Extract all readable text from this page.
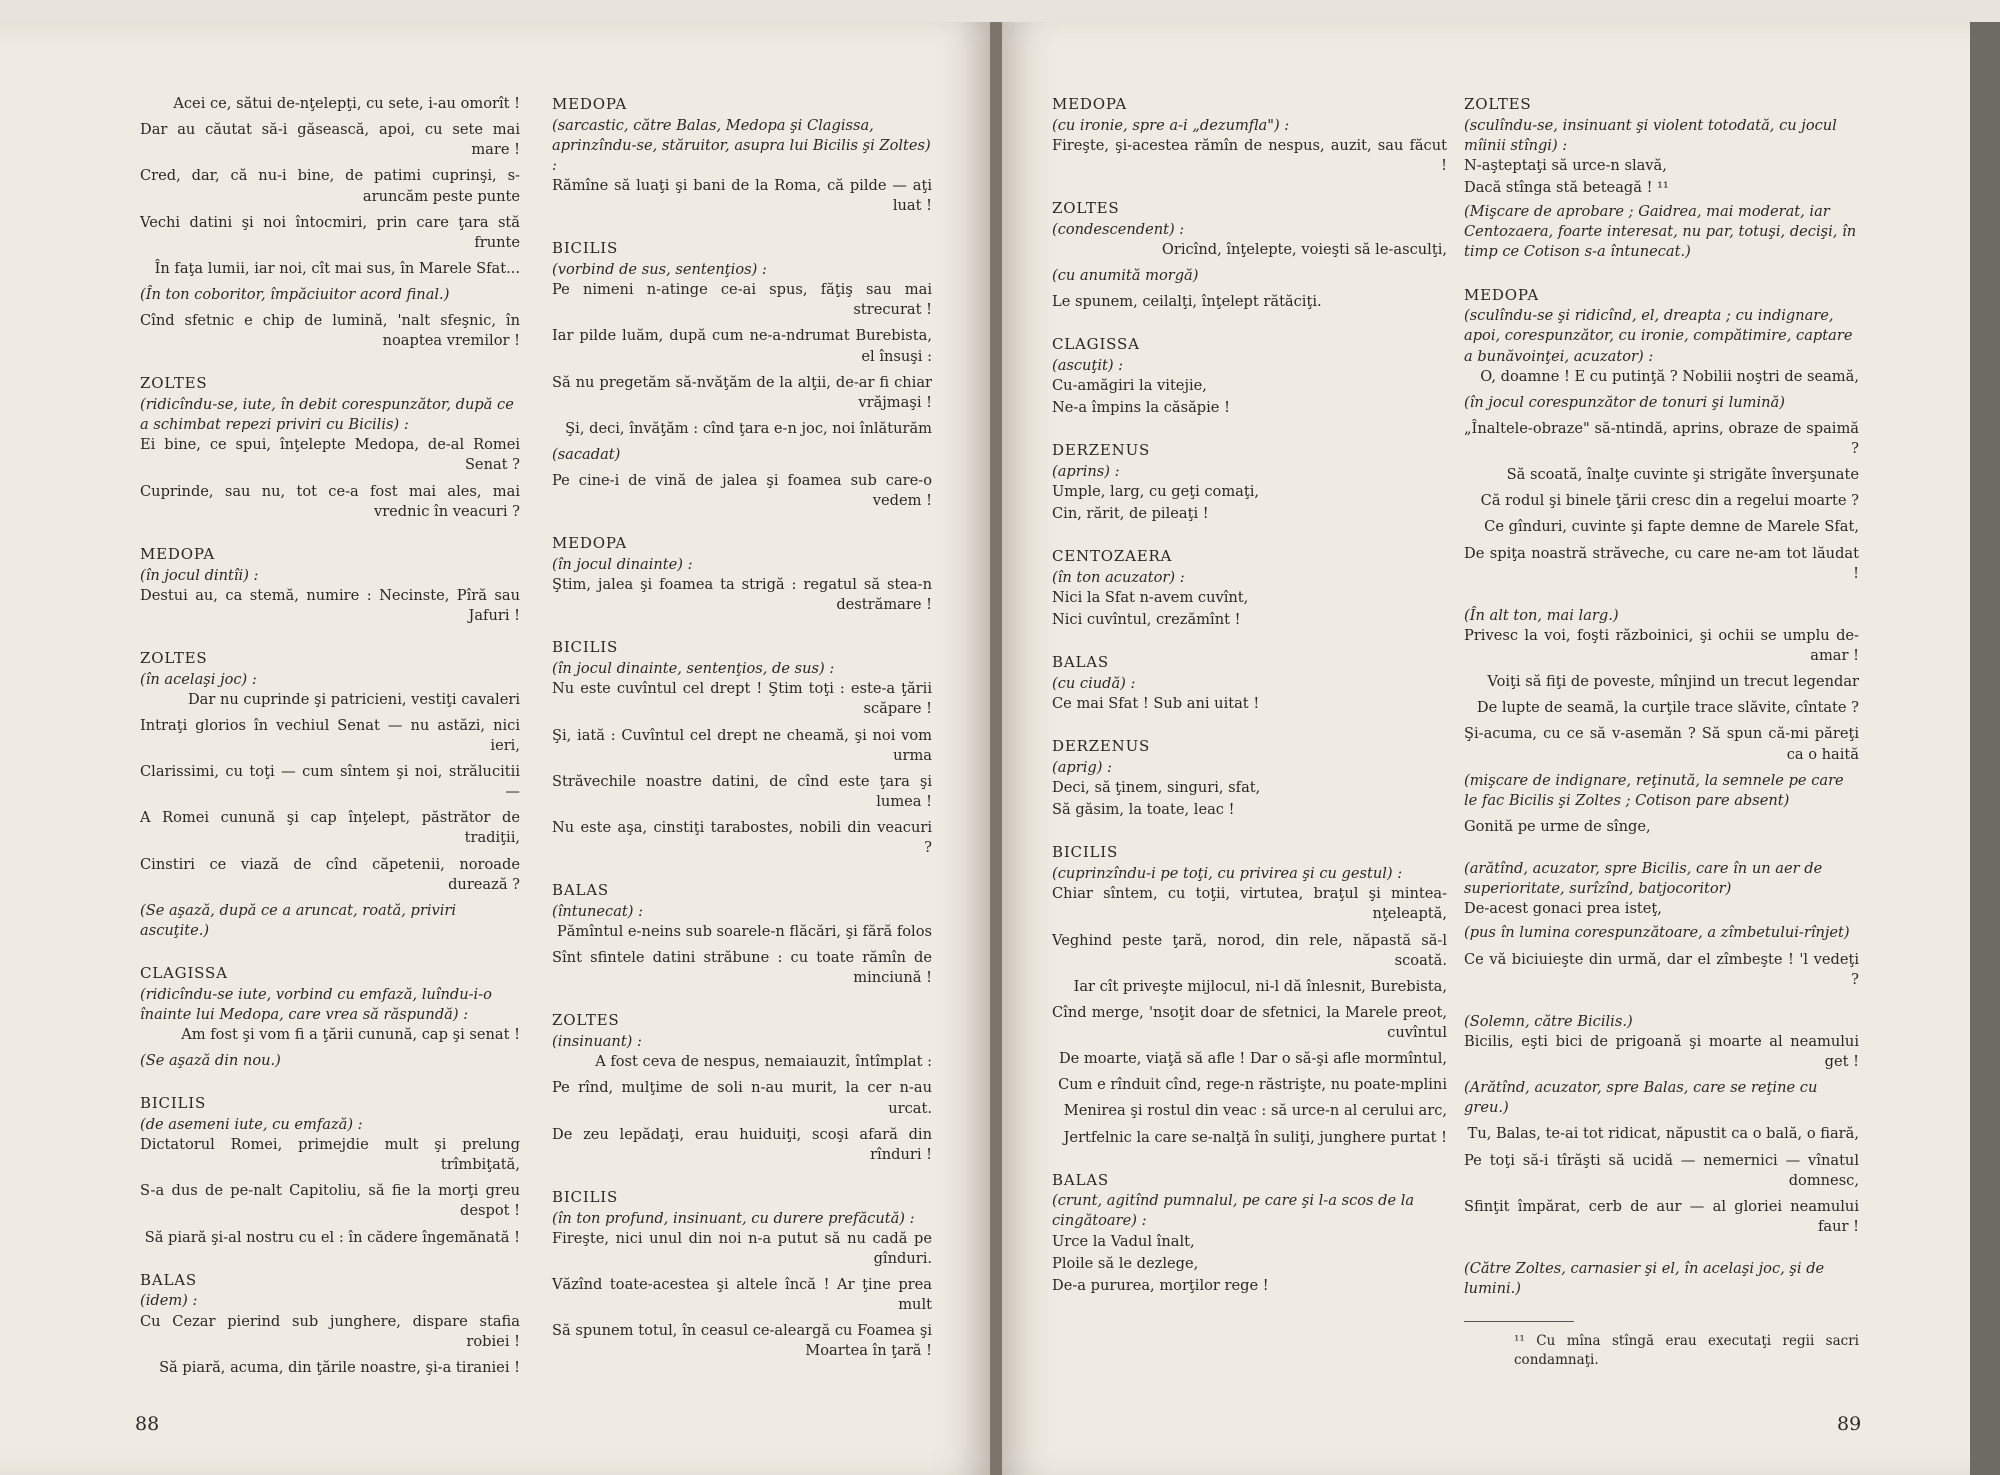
Acei ce, sătui de-nţelepţi, cu sete, i-au omorît !
Dar au căutat să-i găsească, apoi, cu sete mai mare !
Cred, dar, că nu-i bine, de patimi cuprinşi, s-aruncăm peste punte
Vechi datini şi noi întocmiri, prin care ţara stă frunte
În faţa lumii, iar noi, cît mai sus, în Marele Sfat...
(În ton coboritor, împăciuitor acord final.)
Cînd sfetnic e chip de lumină, 'nalt sfeşnic, în noaptea vremilor !
ZOLTES
(ridicîndu-se, iute, în debit corespunzător, după ce a schimbat repezi priviri cu Bicilis) :
Ei bine, ce spui, înţelepte Medopa, de-al Romei Senat ?
Cuprinde, sau nu, tot ce-a fost mai ales, mai vrednic în veacuri ?
MEDOPA
(în jocul dintîi) :
Destui au, ca stemă, numire : Necinste, Pîră sau Jafuri !
ZOLTES
(în acelaşi joc) :
Dar nu cuprinde şi patricieni, vestiţi cavaleri
Intraţi glorios în vechiul Senat — nu astăzi, nici ieri,
Clarissimi, cu toţi — cum sîntem şi noi, strălucitii —
A Romei cunună şi cap înţelept, păstrător de tradiţii,
Cinstiri ce viază de cînd căpetenii, noroade durează ?
(Se aşază, după ce a aruncat, roată, priviri ascuţite.)
CLAGISSA
(ridicîndu-se iute, vorbind cu emfază, luîndu-i-o înainte lui Medopa, care vrea să răspundă) :
Am fost şi vom fi a ţării cunună, cap şi senat !
(Se aşază din nou.)
BICILIS
(de asemeni iute, cu emfază) :
Dictatorul Romei, primejdie mult şi prelung trîmbiţată,
S-a dus de pe-nalt Capitoliu, să fie la morţi greu despot !
Să piară şi-al nostru cu el : în cădere îngemănată !
BALAS
(idem) :
Cu Cezar pierind sub junghere, dispare stafia robiei !
Să piară, acuma, din ţările noastre, şi-a tiraniei !
MEDOPA
(sarcastic, către Balas, Medopa şi Clagissa, aprinzîndu-se, stăruitor, asupra lui Bicilis şi Zoltes) :
Rămîne să luaţi şi bani de la Roma, că pilde — aţi luat !
BICILIS
(vorbind de sus, sentenţios) :
Pe nimeni n-atinge ce-ai spus, făţiş sau mai strecurat !
Iar pilde luăm, după cum ne-a-ndrumat Burebista, el însuşi :
Să nu pregetăm să-nvăţăm de la alţii, de-ar fi chiar vrăjmaşi !
Şi, deci, învăţăm : cînd ţara e-n joc, noi înlăturăm
(sacadat)
Pe cine-i de vină de jalea şi foamea sub care-o vedem !
MEDOPA
(în jocul dinainte) :
Ştim, jalea şi foamea ta strigă : regatul să stea-n destrămare !
BICILIS
(în jocul dinainte, sentenţios, de sus) :
Nu este cuvîntul cel drept ! Ştim toţi : este-a ţării scăpare !
Şi, iată : Cuvîntul cel drept ne cheamă, şi noi vom urma
Străvechile noastre datini, de cînd este ţara şi lumea !
Nu este aşa, cinstiţi tarabostes, nobili din veacuri ?
BALAS
(întunecat) :
Pămîntul e-neins sub soarele-n flăcări, şi fără folos
Sînt sfintele datini străbune : cu toate rămîn de minciună !
ZOLTES
(insinuant) :
A fost ceva de nespus, nemaiauzit, întîmplat :
Pe rînd, mulţime de soli n-au murit, la cer n-au urcat.
De zeu lepădaţi, erau huiduiţi, scoşi afară din rînduri !
BICILIS
(în ton profund, insinuant, cu durere prefăcută) :
Fireşte, nici unul din noi n-a putut să nu cadă pe gînduri.
Văzînd toate-acestea şi altele încă ! Ar ţine prea mult
Să spunem totul, în ceasul ce-aleargă cu Foamea şi Moartea în ţară !
88
MEDOPA
(cu ironie, spre a-i „dezumfla") :
Fireşte, şi-acestea rămîn de nespus, auzit, sau făcut !
ZOLTES
(condescendent) :
Oricînd, înţelepte, voieşti să le-asculţi,
(cu anumită morgă)
Le spunem, ceilalţi, înţelept rătăciţi.
CLAGISSA
(ascuţit) :
Cu-amăgiri la vitejie,
Ne-a împins la căsăpie !
DERZENUS
(aprins) :
Umple, larg, cu geţi comaţi,
Cin, rărit, de pileaţi !
CENTOZAERA
(în ton acuzator) :
Nici la Sfat n-avem cuvînt,
Nici cuvîntul, crezămînt !
BALAS
(cu ciudă) :
Ce mai Sfat ! Sub ani uitat !
DERZENUS
(aprig) :
Deci, să ţinem, singuri, sfat,
Să găsim, la toate, leac !
BICILIS
(cuprinzîndu-i pe toţi, cu privirea şi cu gestul) :
Chiar sîntem, cu toţii, virtutea, braţul şi mintea-nţeleaptă,
Veghind peste ţară, norod, din rele, năpastă să-l scoată.
Iar cît priveşte mijlocul, ni-l dă înlesnit, Burebista,
Cînd merge, 'nsoţit doar de sfetnici, la Marele preot, cuvîntul
De moarte, viaţă să afle ! Dar o să-şi afle mormîntul,
Cum e rînduit cînd, rege-n răstrişte, nu poate-mplini
Menirea şi rostul din veac : să urce-n al cerului arc,
Jertfelnic la care se-nalţă în suliţi, junghere purtat !
BALAS
(crunt, agitînd pumnalul, pe care şi l-a scos de la cingătoare) :
Urce la Vadul înalt,
Ploile să le dezlege,
De-a pururea, morţilor rege !
ZOLTES
(sculîndu-se, insinuant şi violent totodată, cu jocul mîinii stîngi) :
N-aşteptaţi să urce-n slavă,
Dacă stînga stă beteagă ! ¹¹
(Mişcare de aprobare ; Gaidrea, mai moderat, iar Centozaera, foarte interesat, nu par, totuşi, decişi, în timp ce Cotison s-a întunecat.)
MEDOPA
(sculîndu-se şi ridicînd, el, dreapta ; cu indignare, apoi, corespunzător, cu ironie, compătimire, captare a bunăvoinţei, acuzator) :
O, doamne ! E cu putinţă ? Nobilii noştri de seamă,
(în jocul corespunzător de tonuri şi lumină)
„Înaltele-obraze" să-ntindă, aprins, obraze de spaimă ?
Să scoată, înalţe cuvinte şi strigăte înverşunate
Că rodul şi binele ţării cresc din a regelui moarte ?
Ce gînduri, cuvinte şi fapte demne de Marele Sfat,
De spiţa noastră străveche, cu care ne-am tot lăudat !
(În alt ton, mai larg.)
Privesc la voi, foşti războinici, şi ochii se umplu de-amar !
Voiţi să fiţi de poveste, mînjind un trecut legendar
De lupte de seamă, la curţile trace slăvite, cîntate ?
Şi-acuma, cu ce să v-asemăn ? Să spun că-mi păreţi ca o haită
(mişcare de indignare, reţinută, la semnele pe care le fac Bicilis şi Zoltes ; Cotison pare absent)
Gonită pe urme de sînge,
(arătînd, acuzator, spre Bicilis, care în un aer de superioritate, surîzînd, batjocoritor)
De-acest gonaci prea isteţ,
(pus în lumina corespunzătoare, a zîmbetului-rînjet)
Ce vă biciuieşte din urmă, dar el zîmbeşte ! 'l vedeţi ?
(Solemn, către Bicilis.)
Bicilis, eşti bici de prigoană şi moarte al neamului get !
(Arătînd, acuzator, spre Balas, care se reţine cu greu.)
Tu, Balas, te-ai tot ridicat, năpustit ca o bală, o fiară,
Pe toţi să-i tîrăşti să ucidă — nemernici — vînatul domnesc,
Sfinţit împărat, cerb de aur — al gloriei neamului faur !
(Către Zoltes, carnasier şi el, în acelaşi joc, şi de lumini.)
¹¹ Cu mîna stîngă erau executaţi regii sacri condamnaţi.
89
